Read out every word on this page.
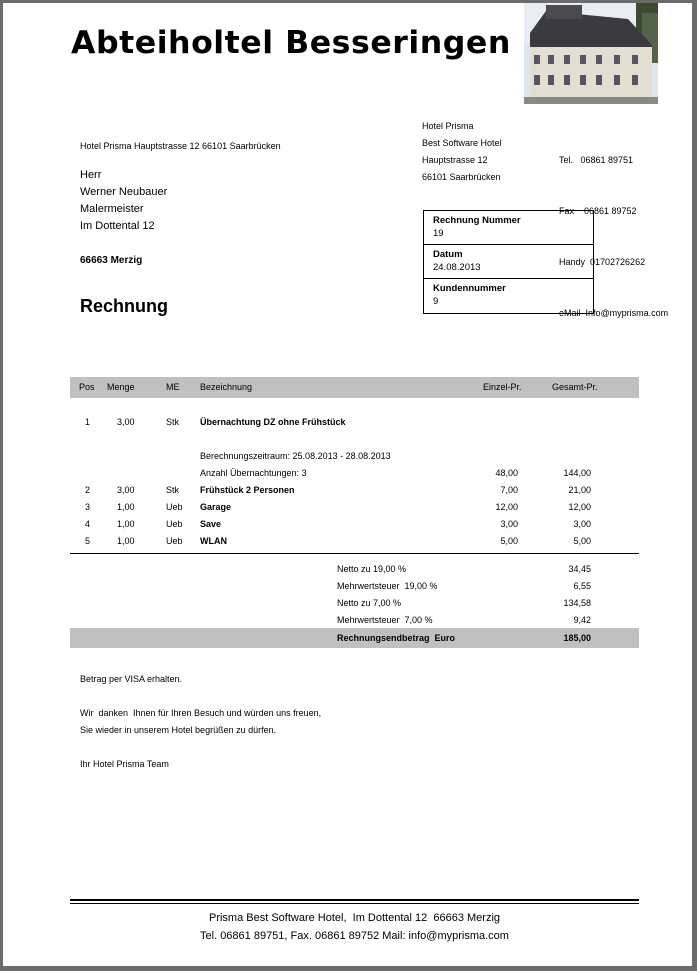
Abteiholtel Besseringen
Hotel Prisma Hauptstrasse 12 66101 Saarbrücken
Herr
Werner Neubauer
Malermeister
Im Dottental 12
66663 Merzig
Hotel Prisma
Best Software Hotel
Hauptstrasse 12
66101 Saarbrücken

Tel.   06861 89751

Fax    06861 89752

Handy  01702726262

eMail  Info@myprisma.com

Rechnung Nummer
19
Datum
24.08.2013
Kundennummer
9
Rechnung
Pos Menge	ME Bezeichnung	Einzel-Pr.	Gesamt-Pr.
1	3,00	Stk Übernachtung DZ ohne Frühstück
Berechnungszeitraum: 25.08.2013 - 28.08.2013
Anzahl Übernachtungen: 3	48,00	144,00
2	3,00	Stk Frühstück 2 Personen	7,00	21,00
3	1,00	Ueb Garage	12,00	12,00
4	1,00	Ueb Save	3,00	3,00
5	1,00	Ueb WLAN	5,00	5,00
Netto zu 19,00 %	34,45
Mehrwertsteuer  19,00 %	6,55
Netto zu 7,00 %	134,58
Mehrwertsteuer  7,00 %	9,42
Rechnungsendbetrag  Euro	185,00
Betrag per VISA erhalten.
Wir  danken  Ihnen für Ihren Besuch und würden uns freuen,
Sie wieder in unserem Hotel begrüßen zu dürfen.
Ihr Hotel Prisma Team
Prisma Best Software Hotel,  Im Dottental 12  66663 Merzig
Tel. 06861 89751, Fax. 06861 89752 Mail: info@myprisma.com
